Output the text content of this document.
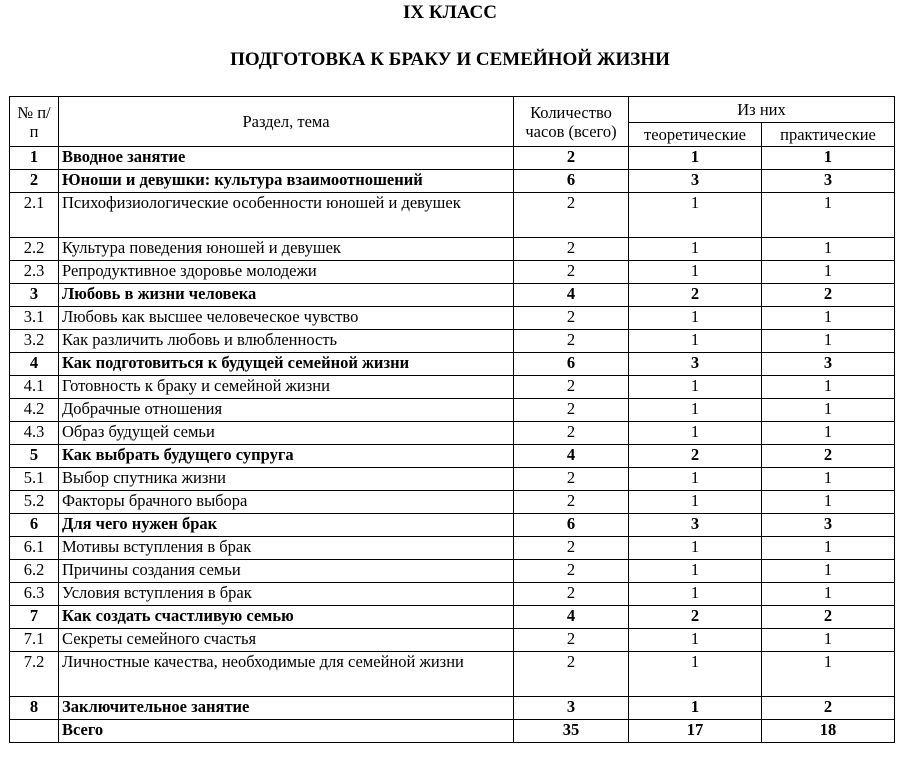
IX КЛАСС
ПОДГОТОВКА К БРАКУ И СЕМЕЙНОЙ ЖИЗНИ
№ п/п	Раздел, тема	Количество часов (всего)	Из них	
			теоретические	практические
1	Вводное занятие	2	1	1
2	Юноши и девушки: культура взаимоотношений	6	3	3
2.1	Психофизиологические особенности юношей и девушек	2	1	1
2.2	Культура поведения юношей и девушек	2	1	1
2.3	Репродуктивное здоровье молодежи	2	1	1
3	Любовь в жизни человека	4	2	2
3.1	Любовь как высшее человеческое чувство	2	1	1
3.2	Как различить любовь и влюбленность	2	1	1
4	Как подготовиться к будущей семейной жизни	6	3	3
4.1	Готовность к браку и семейной жизни	2	1	1
4.2	Добрачные отношения	2	1	1
4.3	Образ будущей семьи	2	1	1
5	Как выбрать будущего супруга	4	2	2
5.1	Выбор спутника жизни	2	1	1
5.2	Факторы брачного выбора	2	1	1
6	Для чего нужен брак	6	3	3
6.1	Мотивы вступления в брак	2	1	1
6.2	Причины создания семьи	2	1	1
6.3	Условия вступления в брак	2	1	1
7	Как создать счастливую семью	4	2	2
7.1	Секреты семейного счастья	2	1	1
7.2	Личностные качества, необходимые для семейной жизни	2	1	1
8	Заключительное занятие	3	1	2
	Всего	35	17	18
